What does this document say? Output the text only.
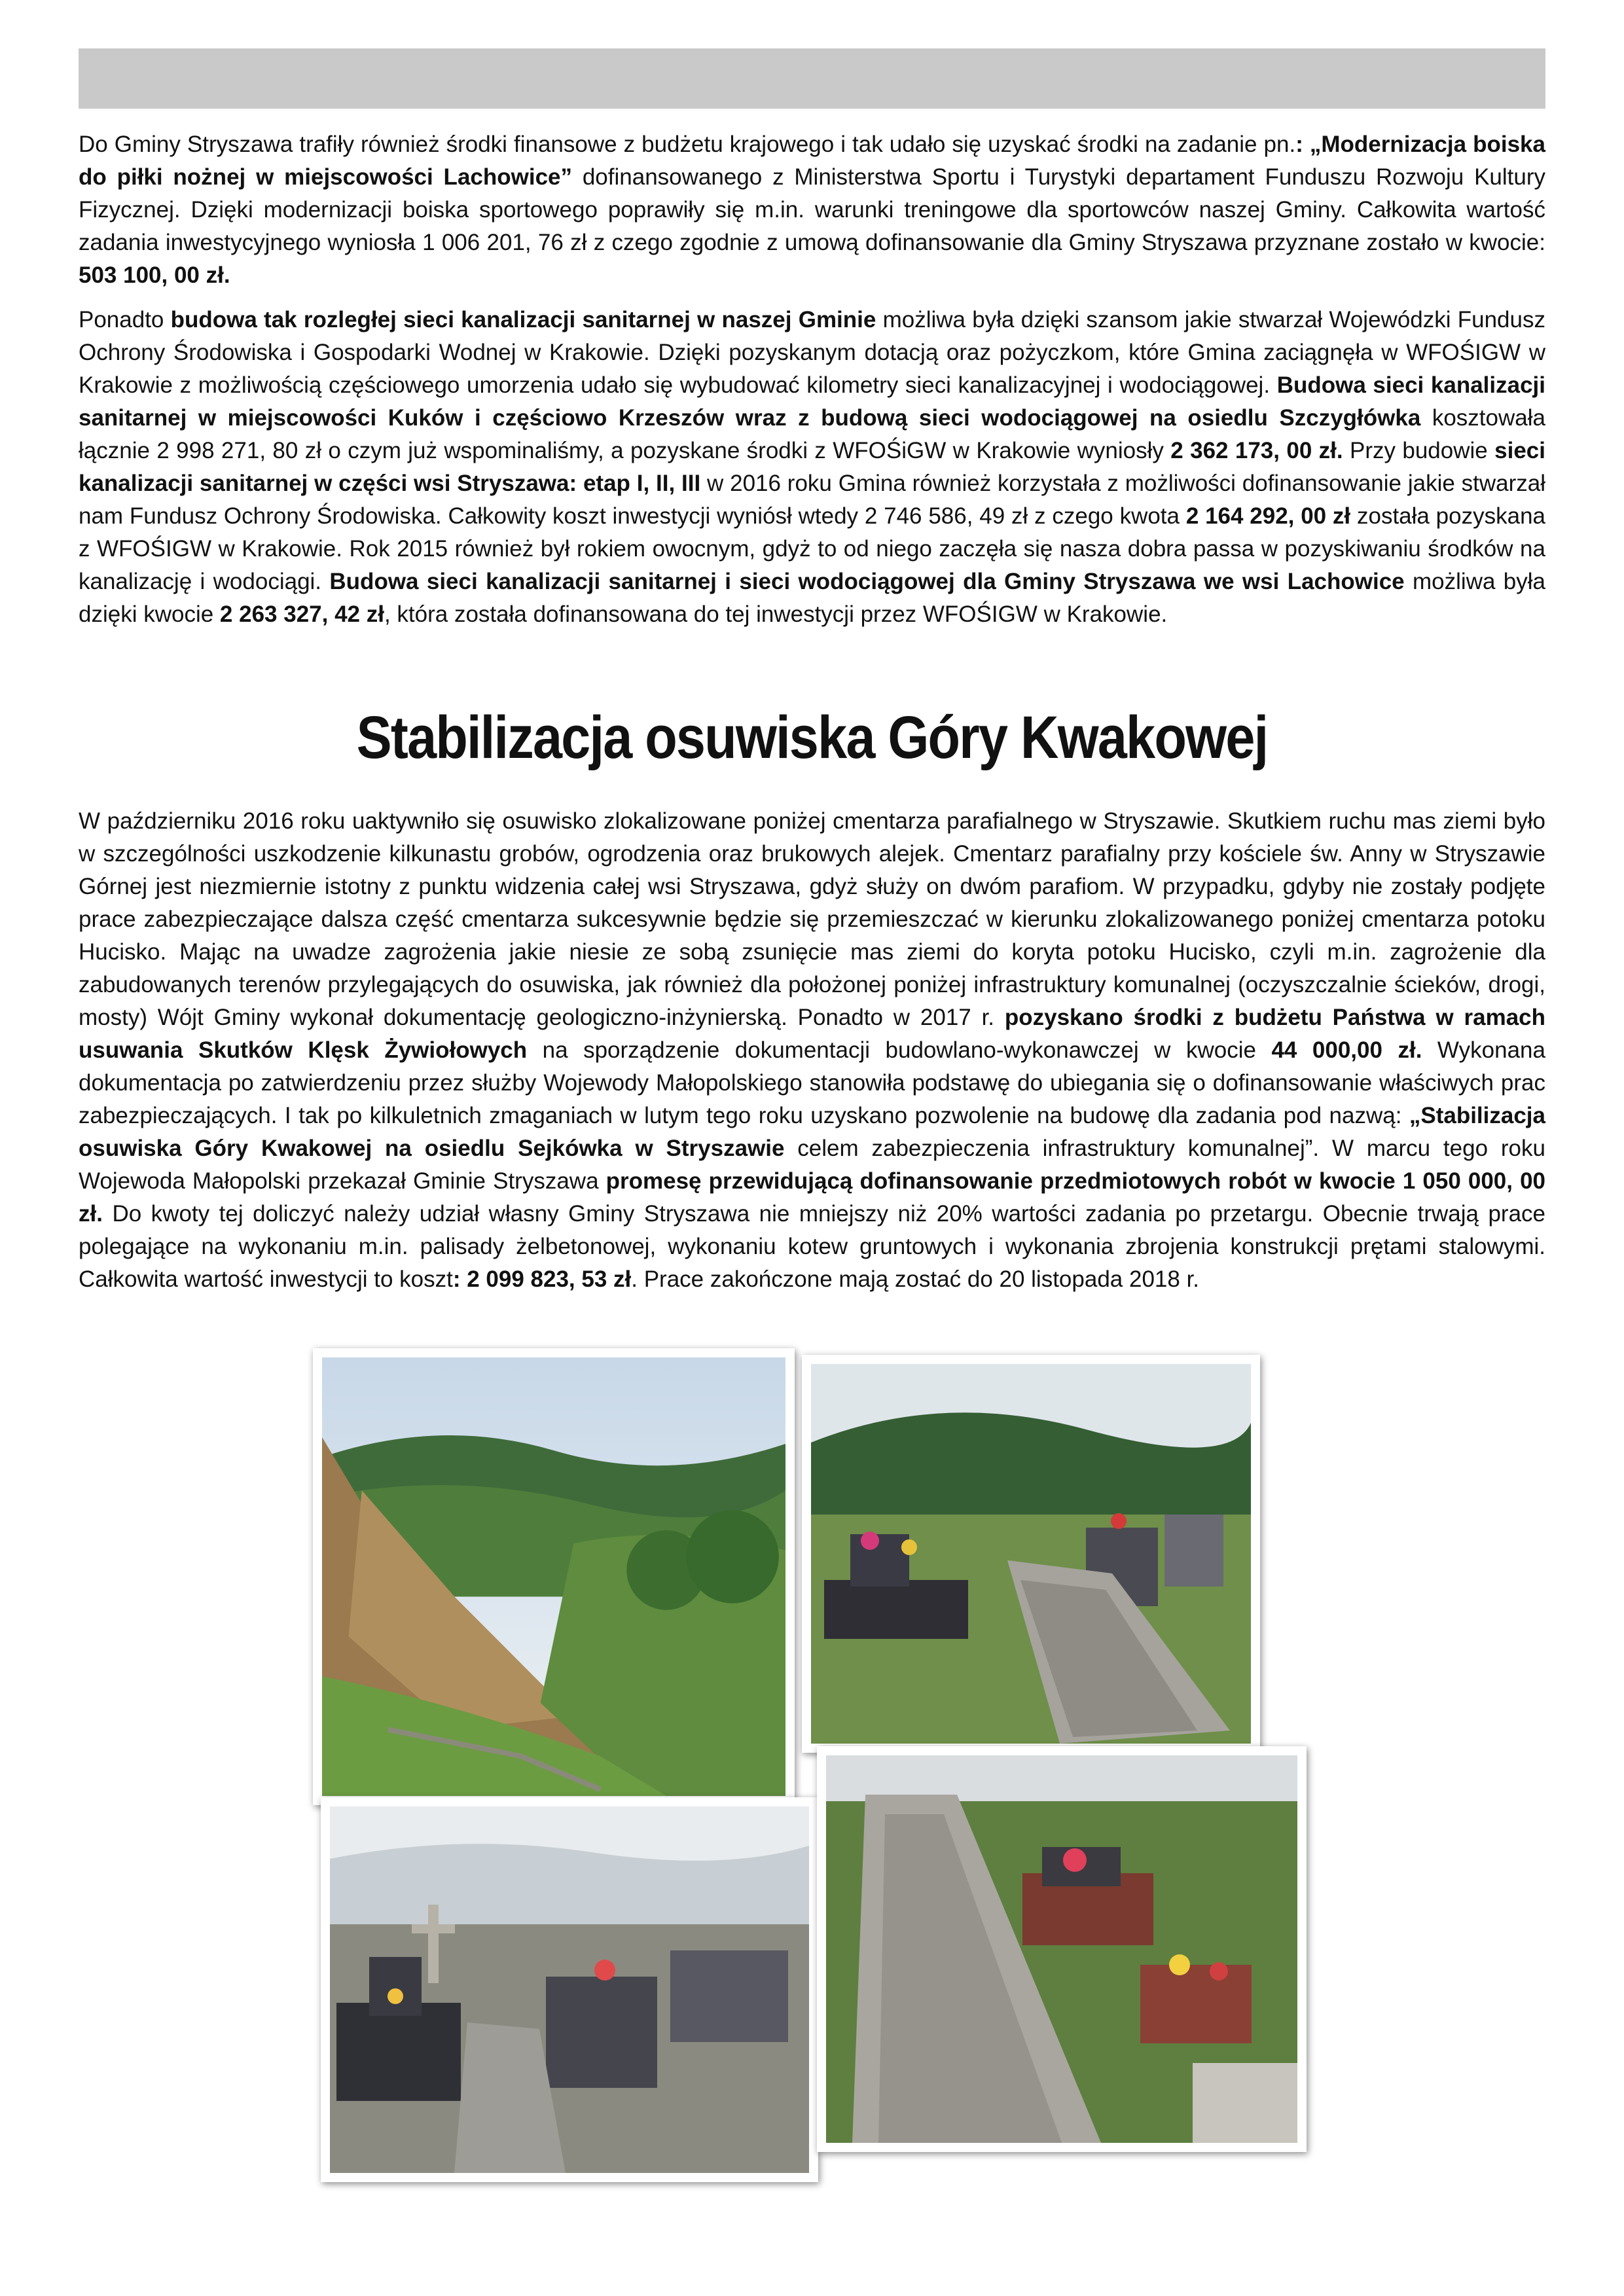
Do Gminy Stryszawa trafiły również środki finansowe z budżetu krajowego i tak udało się uzyskać środki na zadanie pn.: „Modernizacja boiska do piłki nożnej w miejscowości Lachowice” dofinansowanego z Ministerstwa Sportu i Turystyki departament Funduszu Rozwoju Kultury Fizycznej. Dzięki modernizacji boiska sportowego poprawiły się m.in. warunki treningowe dla sportowców naszej Gminy. Całkowita wartość zadania inwestycyjnego wyniosła 1 006 201, 76 zł z czego zgodnie z umową dofinansowanie dla Gminy Stryszawa przyznane zostało w kwocie: 503 100, 00 zł.
Ponadto budowa tak rozległej sieci kanalizacji sanitarnej w naszej Gminie możliwa była dzięki szansom jakie stwarzał Wojewódzki Fundusz Ochrony Środowiska i Gospodarki Wodnej w Krakowie. Dzięki pozyskanym dotacją oraz pożyczkom, które Gmina zaciągnęła w WFOŚIGW w Krakowie z możliwością częściowego umorzenia udało się wybudować kilometry sieci kanalizacyjnej i wodociągowej. Budowa sieci kanalizacji sanitarnej w miejscowości Kuków i częściowo Krzeszów wraz z budową sieci wodociągowej na osiedlu Szczygłówka kosztowała łącznie 2 998 271, 80 zł o czym już wspominaliśmy, a pozyskane środki z WFOŚiGW w Krakowie wyniosły 2 362 173, 00 zł. Przy budowie sieci kanalizacji sanitarnej w części wsi Stryszawa: etap I, II, III w 2016 roku Gmina również korzystała z możliwości dofinansowanie jakie stwarzał nam Fundusz Ochrony Środowiska. Całkowity koszt inwestycji wyniósł wtedy 2 746 586, 49 zł z czego kwota 2 164 292, 00 zł została pozyskana z WFOŚIGW w Krakowie. Rok 2015 również był rokiem owocnym, gdyż to od niego zaczęła się nasza dobra passa w pozyskiwaniu środków na kanalizację i wodociągi. Budowa sieci kanalizacji sanitarnej i sieci wodociągowej dla Gminy Stryszawa we wsi Lachowice możliwa była dzięki kwocie 2 263 327, 42 zł, która została dofinansowana do tej inwestycji przez WFOŚIGW w Krakowie.
Stabilizacja osuwiska Góry Kwakowej
W październiku 2016 roku uaktywniło się osuwisko zlokalizowane poniżej cmentarza parafialnego w Stryszawie. Skutkiem ruchu mas ziemi było w szczególności uszkodzenie kilkunastu grobów, ogrodzenia oraz brukowych alejek. Cmentarz parafialny przy kościele św. Anny w Stryszawie Górnej jest niezmiernie istotny z punktu widzenia całej wsi Stryszawa, gdyż służy on dwóm parafiom. W przypadku, gdyby nie zostały podjęte prace zabezpieczające dalsza część cmentarza sukcesywnie będzie się przemieszczać w kierunku zlokalizowanego poniżej cmentarza potoku Hucisko. Mając na uwadze zagrożenia jakie niesie ze sobą zsunięcie mas ziemi do koryta potoku Hucisko, czyli m.in. zagrożenie dla zabudowanych terenów przylegających do osuwiska, jak również dla położonej poniżej infrastruktury komunalnej (oczyszczalnie ścieków, drogi, mosty) Wójt Gminy wykonał dokumentację geologiczno-inżynierską. Ponadto w 2017 r. pozyskano środki z budżetu Państwa w ramach usuwania Skutków Klęsk Żywiołowych na sporządzenie dokumentacji budowlano-wykonawczej w kwocie 44 000,00 zł. Wykonana dokumentacja po zatwierdzeniu przez służby Wojewody Małopolskiego stanowiła podstawę do ubiegania się o dofinansowanie właściwych prac zabezpieczających. I tak po kilkuletnich zmaganiach w lutym tego roku uzyskano pozwolenie na budowę dla zadania pod nazwą: „Stabilizacja osuwiska Góry Kwakowej na osiedlu Sejkówka w Stryszawie celem zabezpieczenia infrastruktury komunalnej”. W marcu tego roku Wojewoda Małopolski przekazał Gminie Stryszawa promesę przewidującą dofinansowanie przedmiotowych robót w kwocie 1 050 000, 00 zł. Do kwoty tej doliczyć należy udział własny Gminy Stryszawa nie mniejszy niż 20% wartości zadania po przetargu. Obecnie trwają prace polegające na wykonaniu m.in. palisady żelbetonowej, wykonaniu kotew gruntowych i wykonania zbrojenia konstrukcji prętami stalowymi. Całkowita wartość inwestycji to koszt: 2 099 823, 53 zł. Prace zakończone mają zostać do 20 listopada 2018 r.
